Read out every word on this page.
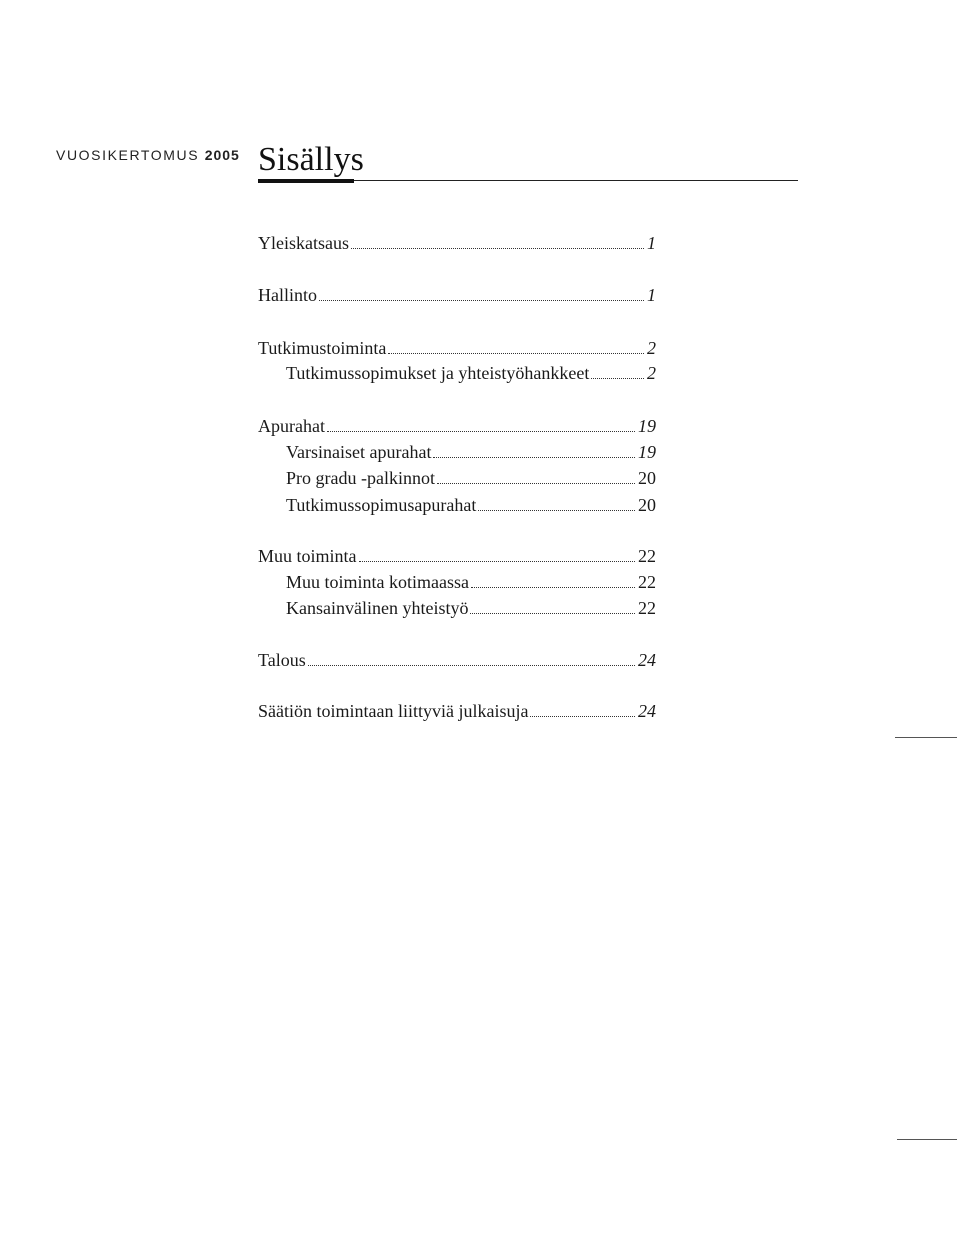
VUOSIKERTOMUS 2005 Sisällys
Yleiskatsaus	1
Hallinto	1
Tutkimustoiminta	2
Tutkimussopimukset ja yhteistyöhankkeet	2
Apurahat	19
Varsinaiset apurahat	19
Pro gradu -palkinnot	20
Tutkimussopimusapurahat	20
Muu toiminta	22
Muu toiminta kotimaassa	22
Kansainvälinen yhteistyö	22
Talous	24
Säätiön toimintaan liittyviä julkaisuja	24
